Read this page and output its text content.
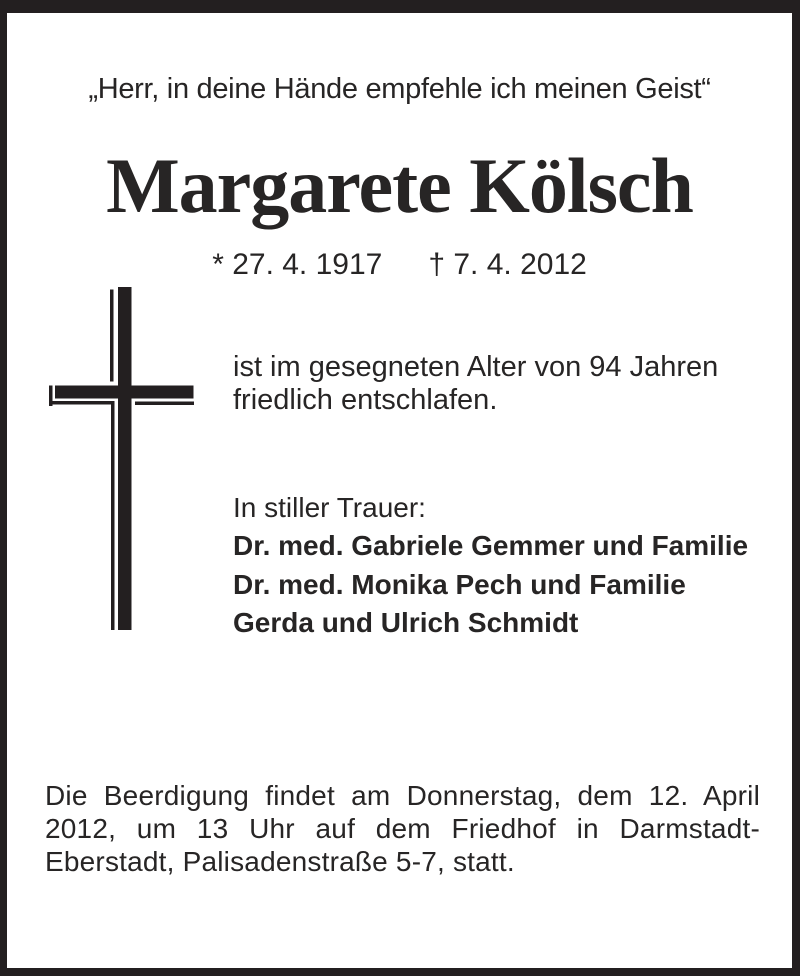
„Herr, in deine Hände empfehle ich meinen Geist“
Margarete Kölsch
* 27. 4. 1917 † 7. 4. 2012
ist im gesegneten Alter von 94 Jahren
friedlich entschlafen.
In stiller Trauer:
Dr. med. Gabriele Gemmer und Familie
Dr. med. Monika Pech und Familie
Gerda und Ulrich Schmidt
Die Beerdigung findet am Donnerstag, dem 12. April
2012, um 13 Uhr auf dem Friedhof in Darmstadt-
Eberstadt, Palisadenstraße 5-7, statt.
